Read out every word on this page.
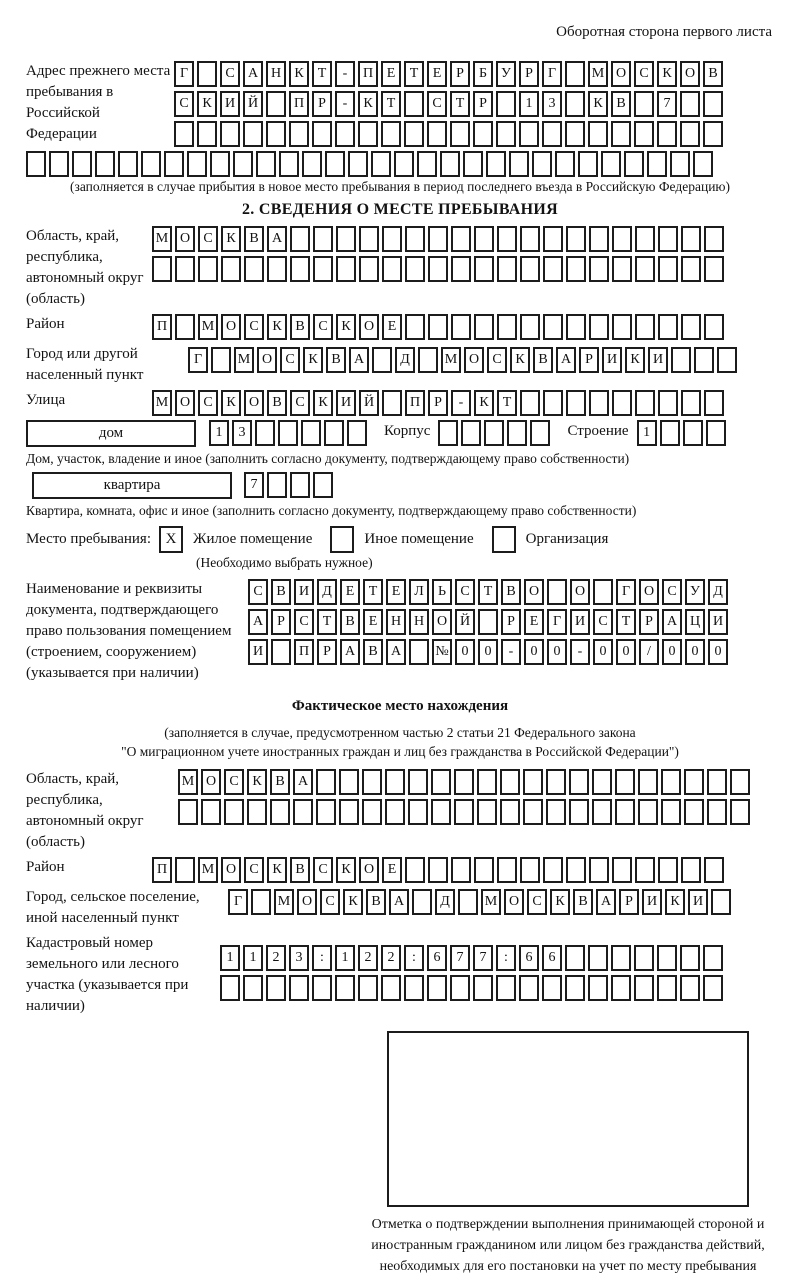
Оборотная сторона первого листа
Адрес прежнего места пребывания в Российской Федерации
Г	С А Н К	Т	-	П Е	Т	Е	Р	Б	У	Р	Г	М О С К О В
С К И Й	П	Р	-	К	Т	С	Т	Р	1	3	К В	7
(заполняется в случае прибытия в новое место пребывания в период последнего въезда в Российскую Федерацию)
2. СВЕДЕНИЯ О МЕСТЕ ПРЕБЫВАНИЯ
Область, край, республика, автономный округ (область)
М О С К В А
Район	П	М О С К В С К О Е
Город или другой населенный пункт
Г	М О С К В А	Д	М О С К В А	Р	И К И
Улица	М О С К О В С К И Й	П	Р	-	К	Т
дом	1	3	Корпус	Строение	1
Дом, участок, владение и иное (заполнить согласно документу, подтверждающему право собственности)
квартира	7
Квартира, комната, офис и иное (заполнить согласно документу, подтверждающему право собственности)
Место пребывания: X	Жилое помещение	Иное помещение	Организация
(Необходимо выбрать нужное)
Наименование и реквизиты документа, подтверждающего право пользования помещением (строением, сооружением) (указывается при наличии)
С В И Д Е	Т	Е Л	Ь	С	Т	В О	О	Г О С У Д
А	Р	С	Т	В	Е Н Н О Й	Р	Е	Г И С	Т	Р	А Ц И
И	П	Р	А В А	№ 0	0	-	0	0	-	0	0	/	0	0	0
Фактическое место нахождения
(заполняется в случае, предусмотренном частью 2 статьи 21 Федерального закона
"О миграционном учете иностранных граждан и лиц без гражданства в Российской Федерации")
Область, край, республика, автономный округ (область)
М О С К В А
Район	П	М О С К В С К О Е
Город, сельское поселение, иной населенный пункт
Г	М О С К В А	Д	М О С К В А	Р	И К И
Кадастровый номер земельного или лесного участка (указывается при наличии)
1	1	2	3	:	1	2	2	:	6	7	7	:	6	6
Отметка о подтверждении выполнения принимающей стороной и иностранным гражданином или лицом без гражданства действий, необходимых для его постановки на учет по месту пребывания
